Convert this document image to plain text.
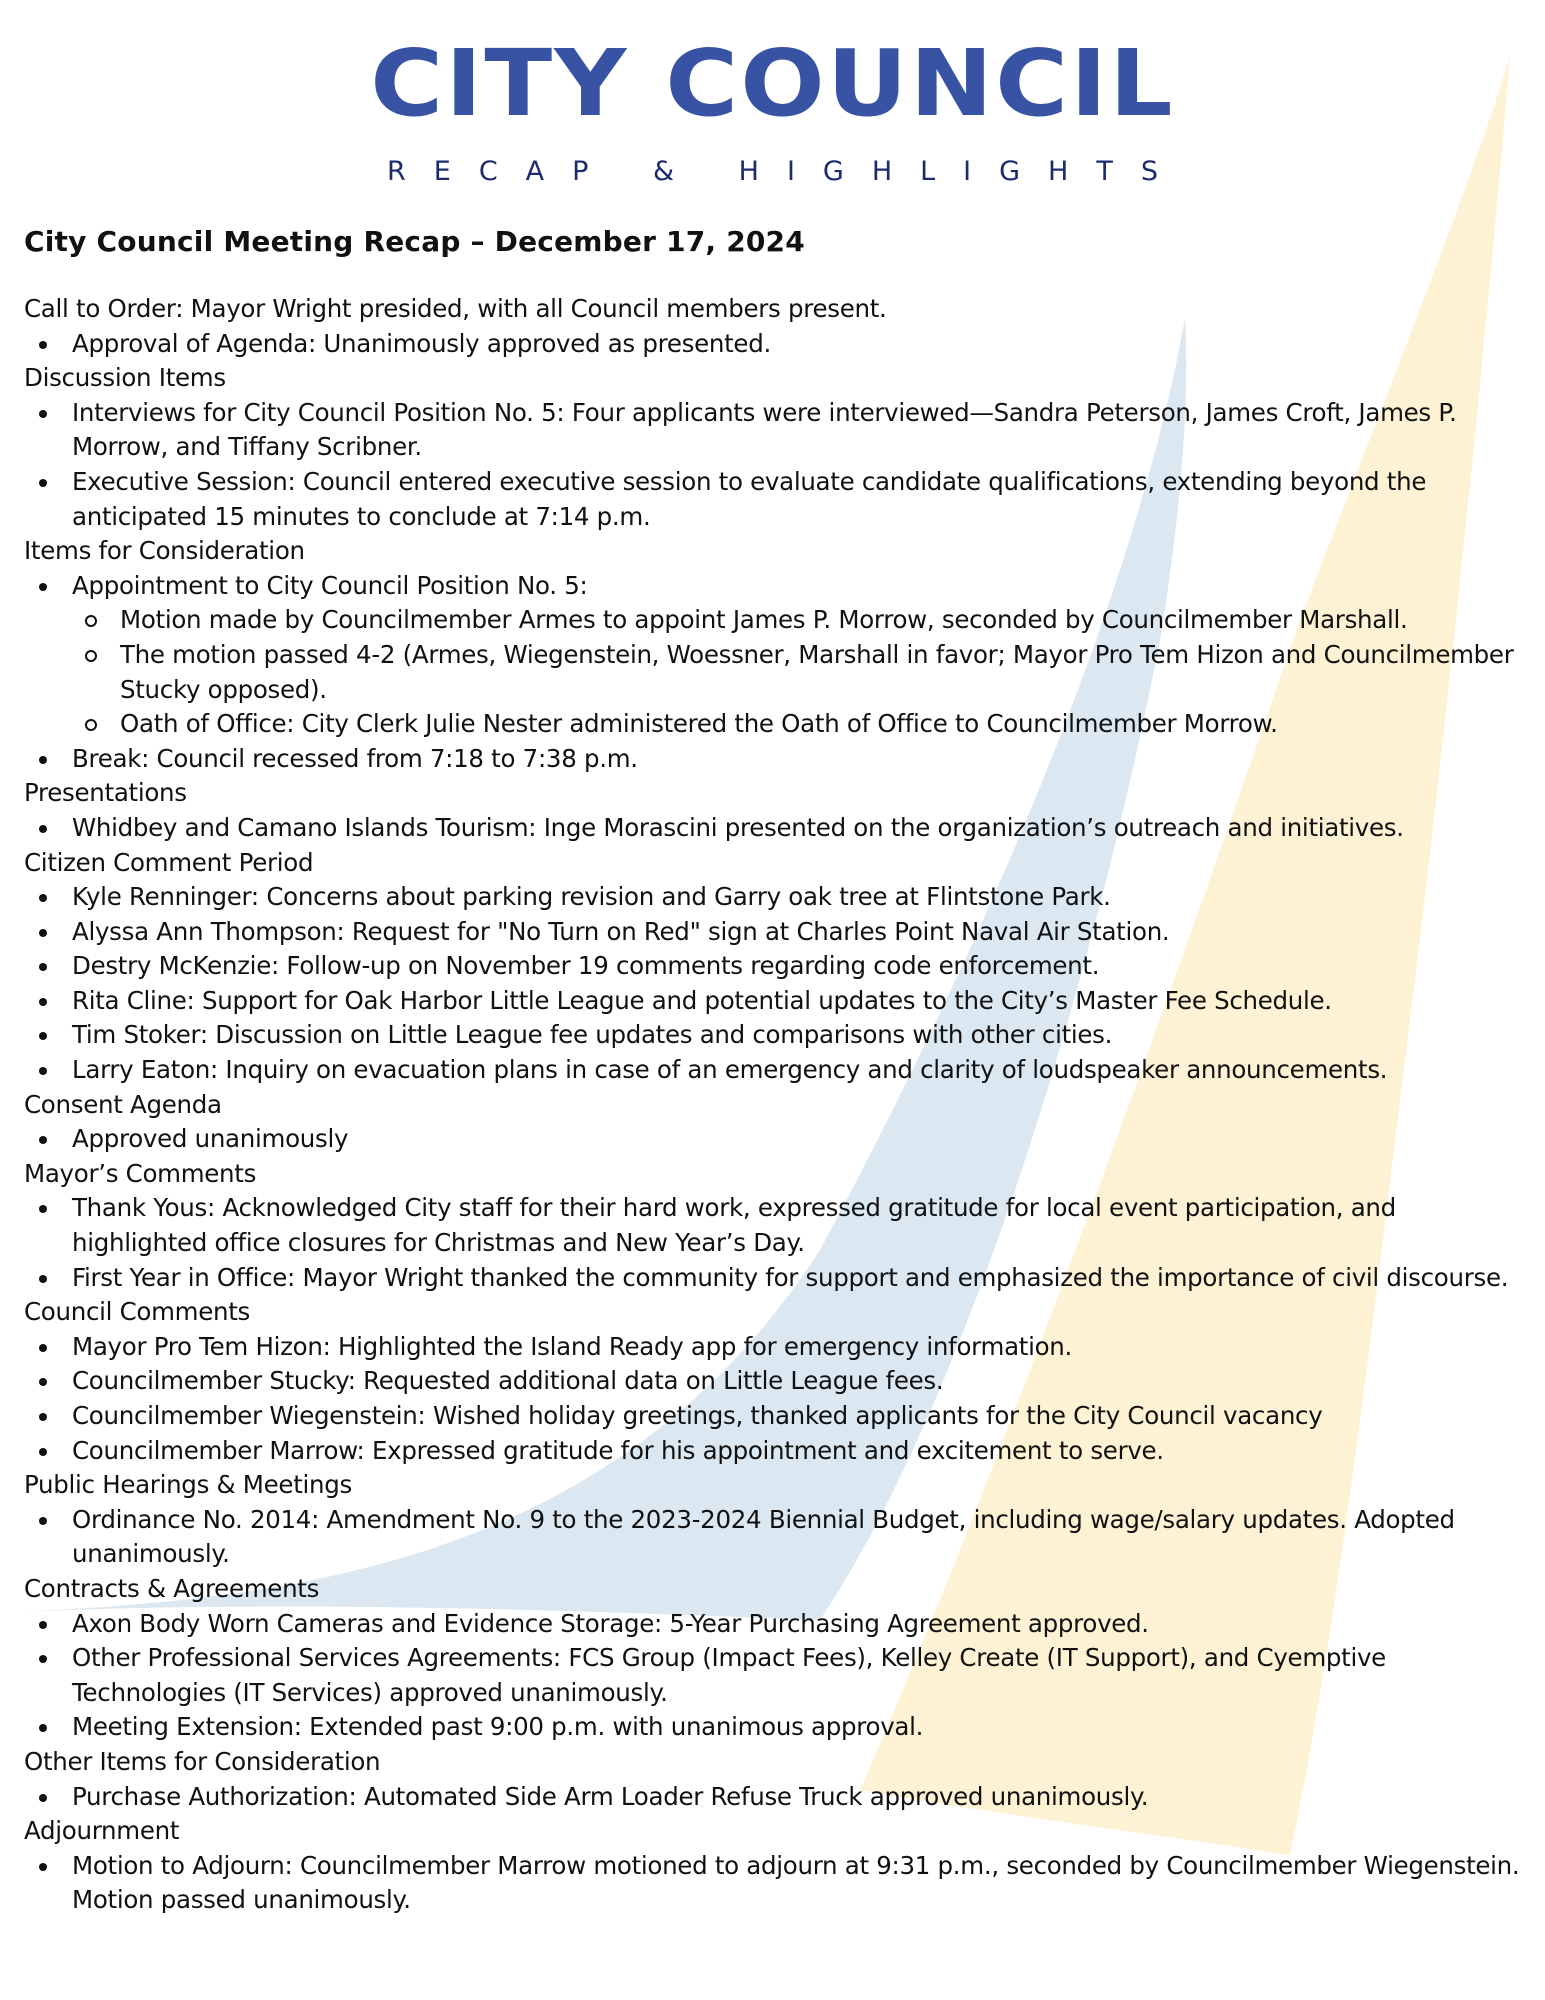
CITY COUNCIL
RECAP & HIGHLIGHTS
City Council Meeting Recap – December 17, 2024
Call to Order: Mayor Wright presided, with all Council members present.
Approval of Agenda: Unanimously approved as presented.
Discussion Items
Interviews for City Council Position No. 5: Four applicants were interviewed—Sandra Peterson, James Croft, James P. Morrow, and Tiffany Scribner.
Executive Session: Council entered executive session to evaluate candidate qualifications, extending beyond the anticipated 15 minutes to conclude at 7:14 p.m.
Items for Consideration
Appointment to City Council Position No. 5:
Motion made by Councilmember Armes to appoint James P. Morrow, seconded by Councilmember Marshall.
The motion passed 4-2 (Armes, Wiegenstein, Woessner, Marshall in favor; Mayor Pro Tem Hizon and Councilmember Stucky opposed).
Oath of Office: City Clerk Julie Nester administered the Oath of Office to Councilmember Morrow.
Break: Council recessed from 7:18 to 7:38 p.m.
Presentations
Whidbey and Camano Islands Tourism: Inge Morascini presented on the organization’s outreach and initiatives.
Citizen Comment Period
Kyle Renninger: Concerns about parking revision and Garry oak tree at Flintstone Park.
Alyssa Ann Thompson: Request for "No Turn on Red" sign at Charles Point Naval Air Station.
Destry McKenzie: Follow-up on November 19 comments regarding code enforcement.
Rita Cline: Support for Oak Harbor Little League and potential updates to the City’s Master Fee Schedule.
Tim Stoker: Discussion on Little League fee updates and comparisons with other cities.
Larry Eaton: Inquiry on evacuation plans in case of an emergency and clarity of loudspeaker announcements.
Consent Agenda
Approved unanimously
Mayor’s Comments
Thank Yous: Acknowledged City staff for their hard work, expressed gratitude for local event participation, and highlighted office closures for Christmas and New Year’s Day.
First Year in Office: Mayor Wright thanked the community for support and emphasized the importance of civil discourse.
Council Comments
Mayor Pro Tem Hizon: Highlighted the Island Ready app for emergency information.
Councilmember Stucky: Requested additional data on Little League fees.
Councilmember Wiegenstein: Wished holiday greetings, thanked applicants for the City Council vacancy
Councilmember Marrow: Expressed gratitude for his appointment and excitement to serve.
Public Hearings & Meetings
Ordinance No. 2014: Amendment No. 9 to the 2023-2024 Biennial Budget, including wage/salary updates. Adopted unanimously.
Contracts & Agreements
Axon Body Worn Cameras and Evidence Storage: 5-Year Purchasing Agreement approved.
Other Professional Services Agreements: FCS Group (Impact Fees), Kelley Create (IT Support), and Cyemptive Technologies (IT Services) approved unanimously.
Meeting Extension: Extended past 9:00 p.m. with unanimous approval.
Other Items for Consideration
Purchase Authorization: Automated Side Arm Loader Refuse Truck approved unanimously.
Adjournment
Motion to Adjourn: Councilmember Marrow motioned to adjourn at 9:31 p.m., seconded by Councilmember Wiegenstein. Motion passed unanimously.
